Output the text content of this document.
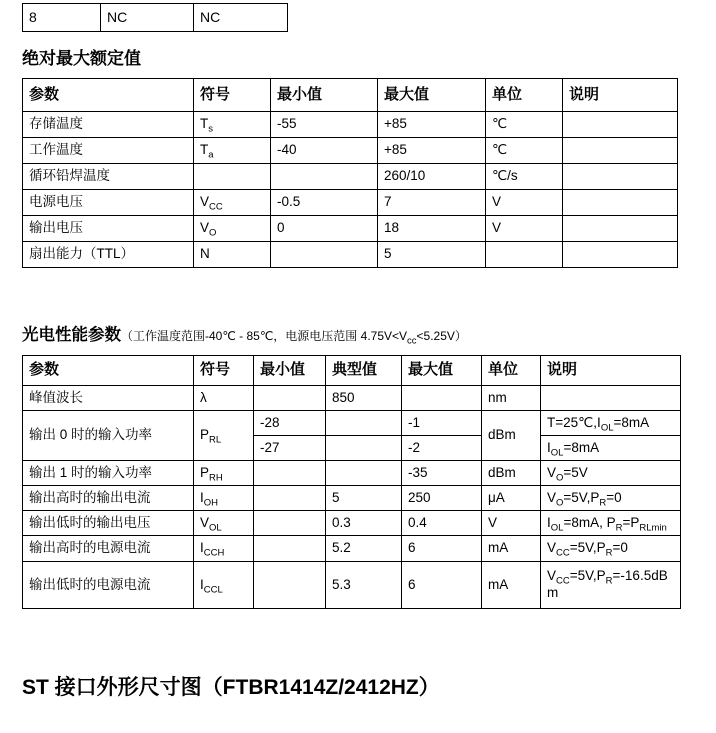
8	NC	NC
绝对最大额定值
参数	符号	最小值	最大值	单位	说明
存储温度	$T_s$	-55	+85	℃	
工作温度	$T_a$	-40	+85	℃	
循环铅焊温度			260/10	℃/s	
电源电压	$V_{CC}$	-0.5	7	V	
输出电压	$V_O$	0	18	V	
扇出能力（TTL）	N		5		
光电性能参数（工作温度范围-40℃ - 85℃，电源电压范围 $4.75V<V_{cc}<5.25V$）
参数	符号	最小值	典型值	最大值	单位	说明
峰值波长	λ		850		nm	
输出 0 时的输入功率	$P_{RL}$	-28		-1	dBm	$T=25℃,I_{OL}=8mA$
		-27		-2		$I_{OL}=8mA$
输出 1 时的输入功率	$P_{RH}$			-35	dBm	$V_O=5V$
输出高时的输出电流	$I_{OH}$		5	250	μA	$V_O=5V,P_R=0$
输出低时的输出电压	$V_{OL}$		0.3	0.4	V	$I_{OL}=8mA$, $P_R=P_{RLmin}$
输出高时的电源电流	$I_{CCH}$		5.2	6	mA	$V_{CC}=5V,P_R=0$
输出低时的电源电流	$I_{CCL}$		5.3	6	mA	$V_{CC}=5V,P_R=-16.5dB$
m
ST 接口外形尺寸图（FTBR1414Z/2412HZ）
